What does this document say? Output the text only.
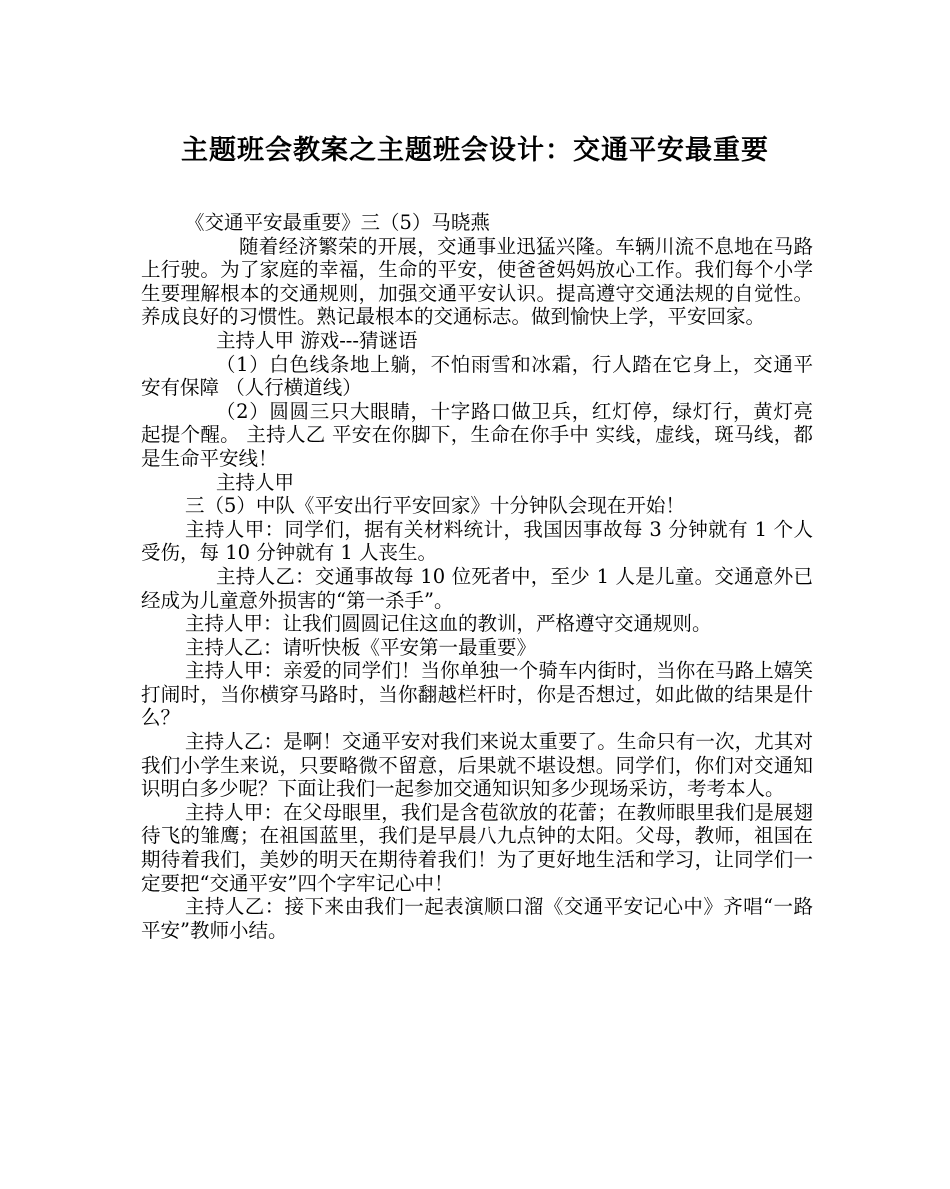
主题班会教案之主题班会设计：交通平安最重要

《交通平安最重要》三（5）马晓燕

随着经济繁荣的开展，交通事业迅猛兴隆。车辆川流不息地在马路上行驶。为了家庭的幸福，生命的平安，使爸爸妈妈放心工作。我们每个小学生要理解根本的交通规则，加强交通平安认识。提高遵守交通法规的自觉性。养成良好的习惯性。熟记最根本的交通标志。做到愉快上学，平安回家。

主持人甲 游戏---猜谜语

（1）白色线条地上躺，不怕雨雪和冰霜，行人踏在它身上，交通平安有保障 （人行横道线）

（2）圆圆三只大眼睛，十字路口做卫兵，红灯停，绿灯行，黄灯亮起提个醒。 主持人乙 平安在你脚下，生命在你手中 实线，虚线，斑马线，都是生命平安线！

主持人甲

三（5）中队《平安出行平安回家》十分钟队会现在开始！

主持人甲：同学们，据有关材料统计，我国因事故每 3 分钟就有 1 个人受伤，每 10 分钟就有 1 人丧生。

主持人乙：交通事故每 10 位死者中，至少 1 人是儿童。交通意外已经成为儿童意外损害的“第一杀手”。

主持人甲：让我们圆圆记住这血的教训，严格遵守交通规则。

主持人乙：请听快板《平安第一最重要》

主持人甲：亲爱的同学们！当你单独一个骑车内街时，当你在马路上嬉笑打闹时，当你横穿马路时，当你翻越栏杆时，你是否想过，如此做的结果是什么？

主持人乙：是啊！交通平安对我们来说太重要了。生命只有一次，尤其对我们小学生来说，只要略微不留意，后果就不堪设想。同学们，你们对交通知识明白多少呢？下面让我们一起参加交通知识知多少现场采访，考考本人。

主持人甲：在父母眼里，我们是含苞欲放的花蕾；在教师眼里我们是展翅待飞的雏鹰；在祖国蓝里，我们是早晨八九点钟的太阳。父母，教师，祖国在期待着我们，美妙的明天在期待着我们！为了更好地生活和学习，让同学们一定要把“交通平安”四个字牢记心中！

主持人乙：接下来由我们一起表演顺口溜《交通平安记心中》齐唱“一路平安”教师小结。
